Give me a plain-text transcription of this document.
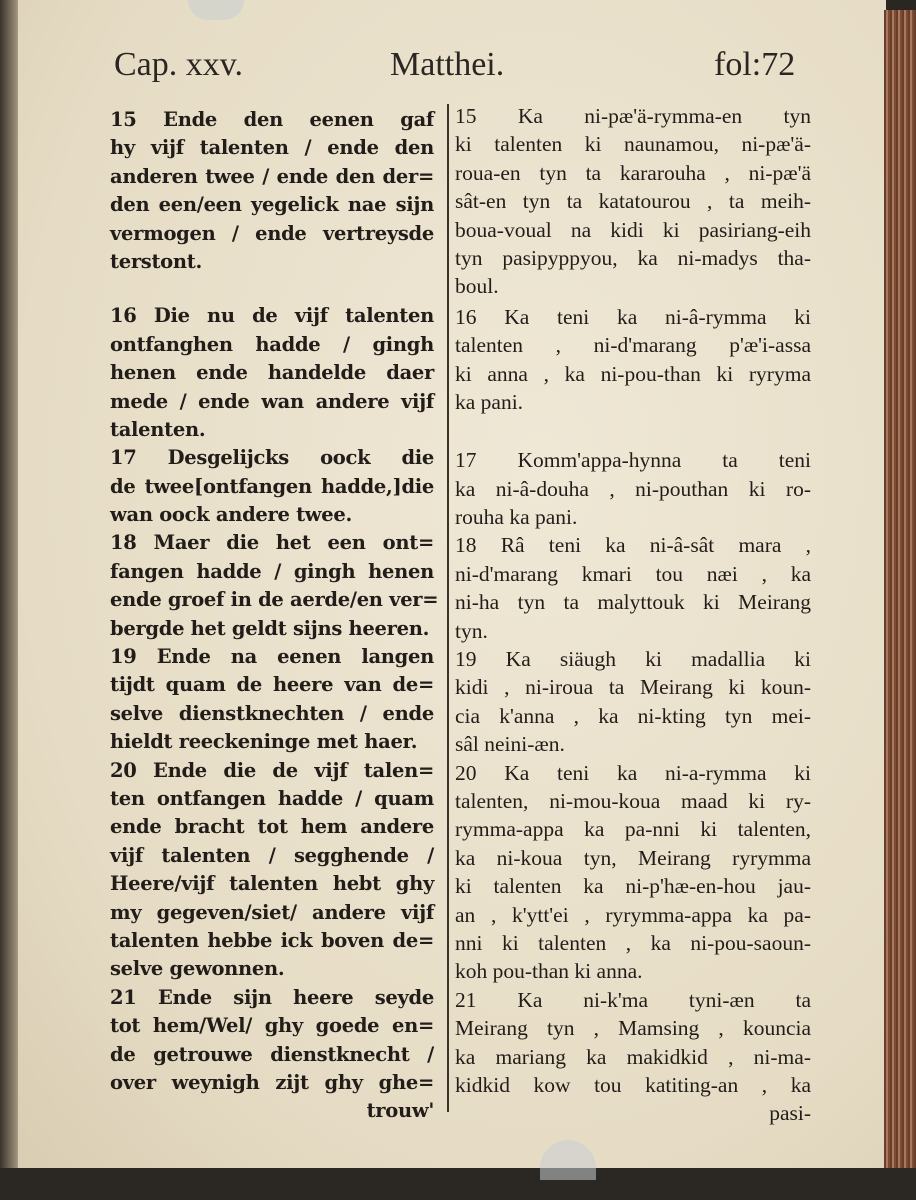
Cap. xxv.	Matthei.	fol:72
15 Ende den eenen gaf
hy vijf talenten / ende den
anderen twee / ende den der=
den een/een yegelick nae sijn
vermogen / ende vertreysde
terstont.
16 Die nu de vijf talenten
ontfanghen hadde / gingh
henen ende handelde daer
mede / ende wan andere vijf
talenten.
17 Desgelijcks oock die
de twee[ontfangen hadde,]die
wan oock andere twee.
18 Maer die het een ont=
fangen hadde / gingh henen
ende groef in de aerde/en ver=
bergde het geldt sijns heeren.
19 Ende na eenen langen
tijdt quam de heere van de=
selve dienstknechten / ende
hieldt reeckeninge met haer.
20 Ende die de vijf talen=
ten ontfangen hadde / quam
ende bracht tot hem andere
vijf talenten / segghende /
Heere/vijf talenten hebt ghy
my gegeven/siet/ andere vijf
talenten hebbe ick boven de=
selve gewonnen.
21 Ende sijn heere seyde
tot hem/Wel/ ghy goede en=
de getrouwe dienstknecht /
over weynigh zijt ghy ghe=
trouw'
15 Ka ni-pæ'ä-rymma-en tyn
ki talenten ki naunamou, ni-pæ'ä-
roua-en tyn ta kararouha , ni-pæ'ä
sât-en tyn ta katatourou , ta meih-
boua-voual na kidi ki pasiriang-eih
tyn pasipyppyou, ka ni-madys tha-
boul.
16 Ka teni ka ni-â-rymma ki
talenten , ni-d'marang p'æ'i-assa
ki anna , ka ni-pou-than ki ryryma
ka pani.
17 Komm'appa-hynna ta teni
ka ni-â-douha , ni-pouthan ki ro-
rouha ka pani.
18 Râ teni ka ni-â-sât mara ,
ni-d'marang kmari tou næi , ka
ni-ha tyn ta malyttouk ki Meirang
tyn.
19 Ka siäugh ki madallia ki
kidi , ni-iroua ta Meirang ki koun-
cia k'anna , ka ni-kting tyn mei-
sâl neini-æn.
20 Ka teni ka ni-a-rymma ki
talenten, ni-mou-koua maad ki ry-
rymma-appa ka pa-nni ki talenten,
ka ni-koua tyn, Meirang ryrymma
ki talenten ka ni-p'hæ-en-hou jau-
an , k'ytt'ei , ryrymma-appa ka pa-
nni ki talenten , ka ni-pou-saoun-
koh pou-than ki anna.
21 Ka ni-k'ma tyni-æn ta
Meirang tyn , Mamsing , kouncia
ka mariang ka makidkid , ni-ma-
kidkid kow tou katiting-an , ka
pasi-
